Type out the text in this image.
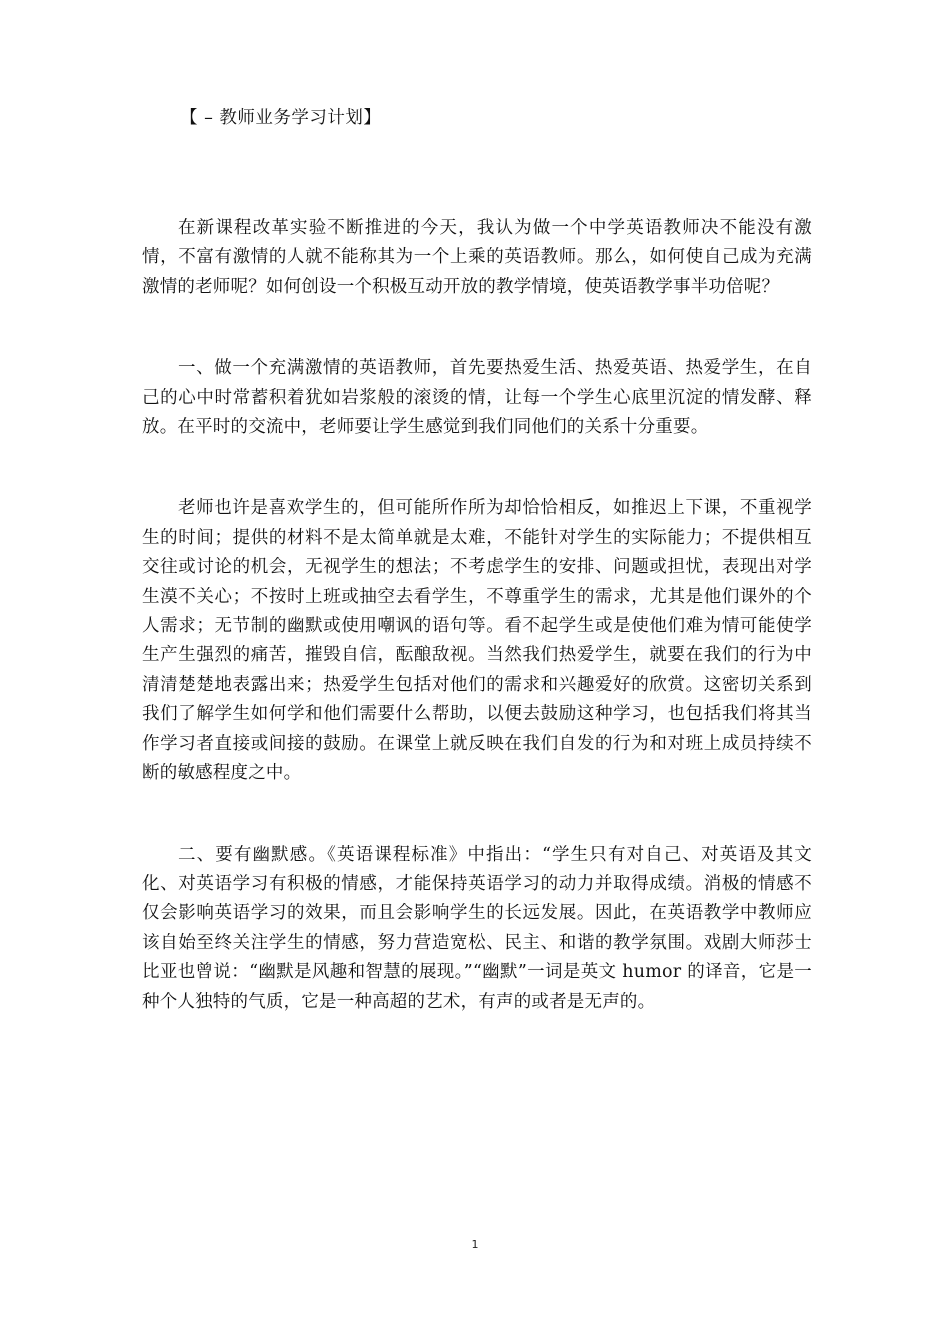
【 – 教师业务学习计划】

在新课程改革实验不断推进的今天，我认为做一个中学英语教师决不能没有激情，不富有激情的人就不能称其为一个上乘的英语教师。那么，如何使自己成为充满激情的老师呢？如何创设一个积极互动开放的教学情境，使英语教学事半功倍呢？

一、做一个充满激情的英语教师，首先要热爱生活、热爱英语、热爱学生，在自己的心中时常蓄积着犹如岩浆般的滚烫的情，让每一个学生心底里沉淀的情发酵、释放。在平时的交流中，老师要让学生感觉到我们同他们的关系十分重要。

老师也许是喜欢学生的，但可能所作所为却恰恰相反，如推迟上下课，不重视学生的时间；提供的材料不是太简单就是太难，不能针对学生的实际能力；不提供相互交往或讨论的机会，无视学生的想法；不考虑学生的安排、问题或担忧，表现出对学生漠不关心；不按时上班或抽空去看学生，不尊重学生的需求，尤其是他们课外的个人需求；无节制的幽默或使用嘲讽的语句等。看不起学生或是使他们难为情可能使学生产生强烈的痛苦，摧毁自信，酝酿敌视。当然我们热爱学生，就要在我们的行为中清清楚楚地表露出来；热爱学生包括对他们的需求和兴趣爱好的欣赏。这密切关系到我们了解学生如何学和他们需要什么帮助，以便去鼓励这种学习，也包括我们将其当作学习者直接或间接的鼓励。在课堂上就反映在我们自发的行为和对班上成员持续不断的敏感程度之中。

二、要有幽默感。《英语课程标准》中指出：“学生只有对自己、对英语及其文化、对英语学习有积极的情感，才能保持英语学习的动力并取得成绩。消极的情感不仅会影响英语学习的效果，而且会影响学生的长远发展。因此，在英语教学中教师应该自始至终关注学生的情感，努力营造宽松、民主、和谐的教学氛围。戏剧大师莎士比亚也曾说：“幽默是风趣和智慧的展现。”“幽默”一词是英文 humor 的译音，它是一种个人独特的气质，它是一种高超的艺术，有声的或者是无声的。

1
